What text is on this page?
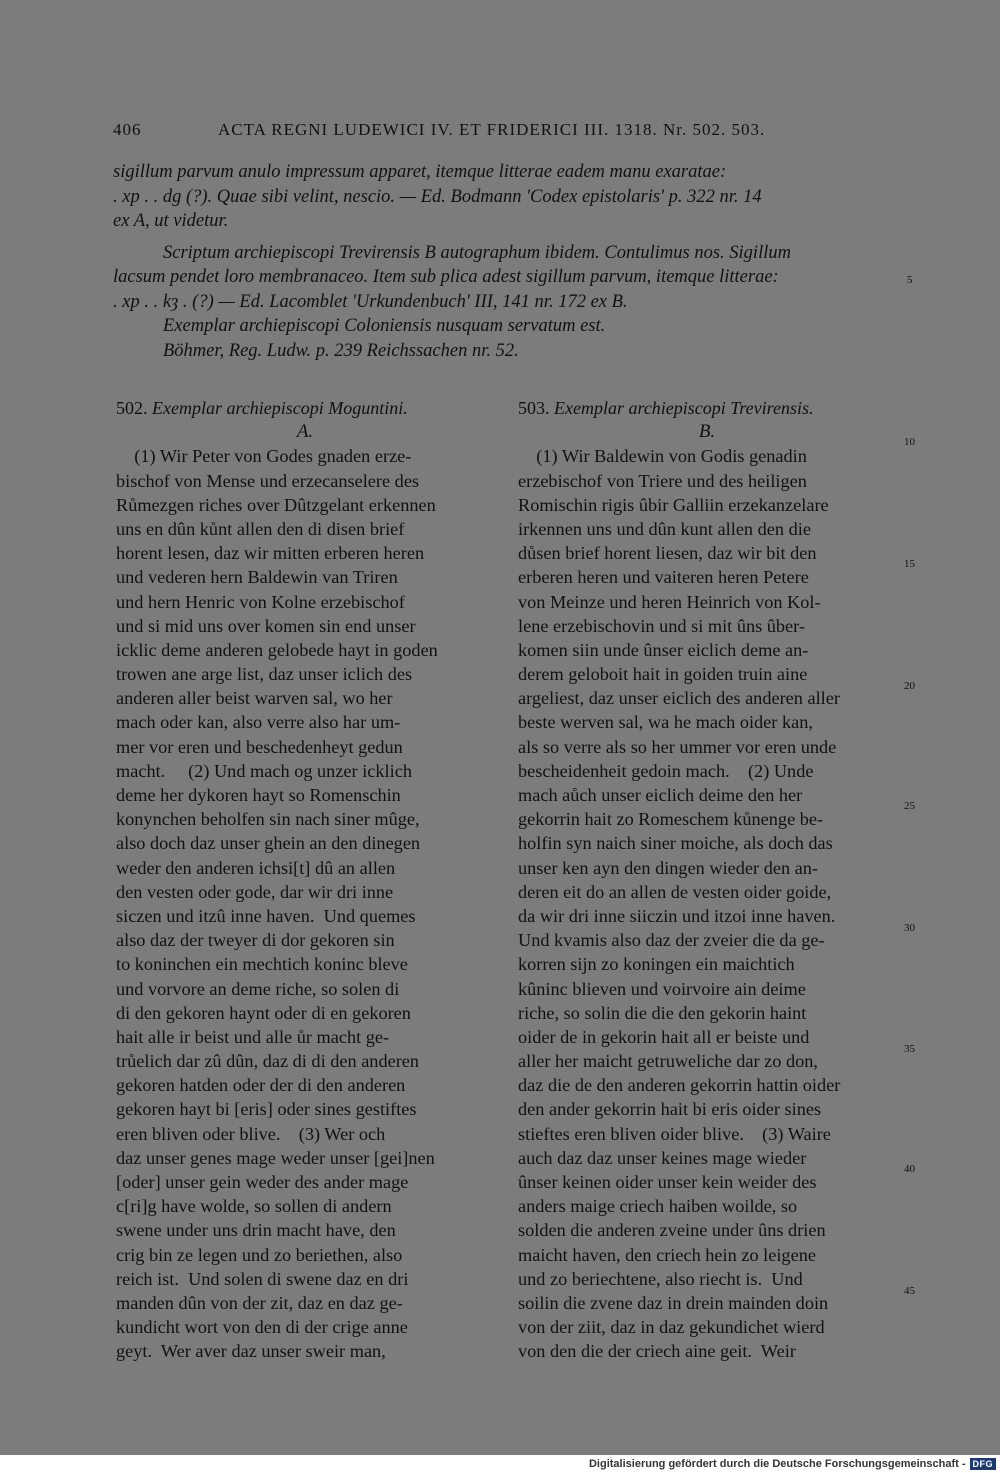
406	ACTA REGNI LUDEWICI IV. ET FRIDERICI III. 1318. Nr. 502. 503.

sigillum parvum anulo impressum apparet, itemque litterae eadem manu exaratae:

. xp . . dg (?). Quae sibi velint, nescio. — Ed. Bodmann 'Codex epistolaris' p. 322 nr. 14

ex A, ut videtur.

Scriptum archiepiscopi Trevirensis B autographum ibidem. Contulimus nos. Sigillum

lacsum pendet loro membranaceo. Item sub plica adest sigillum parvum, itemque litterae:

. xp . . kȝ . (?) — Ed. Lacomblet 'Urkundenbuch' III, 141 nr. 172 ex B.

Exemplar archiepiscopi Coloniensis nusquam servatum est.

Böhmer, Reg. Ludw. p. 239 Reichssachen nr. 52.

502. Exemplar archiepiscopi Moguntini.
A.
(1) Wir Peter von Godes gnaden erze-
bischof von Mense und erzecanselere des
Růmezgen riches over Dûtzgelant erkennen
uns en dûn kůnt allen den di disen brief
horent lesen, daz wir mitten erberen heren
und vederen hern Baldewin van Triren
und hern Henric von Kolne erzebischof
und si mid uns over komen sin end unser
icklic deme anderen gelobede hayt in goden
trowen ane arge list, daz unser iclich des
anderen aller beist warven sal, wo her
mach oder kan, also verre also har um-
mer vor eren und beschedenheyt gedun
macht.     (2) Und mach og unzer icklich
deme her dykoren hayt so Romenschin
konynchen beholfen sin nach siner mûge,
also doch daz unser ghein an den dinegen
weder den anderen ichsi[t] dû an allen
den vesten oder gode, dar wir dri inne
siczen und itzû inne haven.  Und quemes
also daz der tweyer di dor gekoren sin
to koninchen ein mechtich koninc bleve
und vorvore an deme riche, so solen di
di den gekoren haynt oder di en gekoren
hait alle ir beist und alle ůr macht ge-
trůelich dar zû dûn, daz di di den anderen
gekoren hatden oder der di den anderen
gekoren hayt bi [eris] oder sines gestiftes
eren bliven oder blive.    (3) Wer och
daz unser genes mage weder unser [gei]nen
[oder] unser gein weder des ander mage
c[ri]g have wolde, so sollen di andern
swene under uns drin macht have, den
crig bin ze legen und zo beriethen, also
reich ist.  Und solen di swene daz en dri
manden dûn von der zit, daz en daz ge-
kundicht wort von den di der crige anne
geyt.  Wer aver daz unser sweir man,
503. Exemplar archiepiscopi Trevirensis.
B.
(1) Wir Baldewin von Godis genadin
erzebischof von Triere und des heiligen
Romischin rigis ûbir Galliin erzekanzelare
irkennen uns und dûn kunt allen den die
důsen brief horent liesen, daz wir bit den
erberen heren und vaiteren heren Petere
von Meinze und heren Heinrich von Kol-
lene erzebischovin und si mit ûns ûber-
komen siin unde ûnser eiclich deme an-
derem geloboit hait in goiden truin aine
argeliest, daz unser eiclich des anderen aller
beste werven sal, wa he mach oider kan,
als so verre als so her ummer vor eren unde
bescheidenheit gedoin mach.    (2) Unde
mach aůch unser eiclich deime den her
gekorrin hait zo Romeschem kůnenge be-
holfin syn naich siner moiche, als doch das
unser ken ayn den dingen wieder den an-
deren eit do an allen de vesten oider goide,
da wir dri inne siiczin und itzoi inne haven.
Und kvamis also daz der zveier die da ge-
korren sijn zo koningen ein maichtich
kûninc blieven und voirvoire ain deime
riche, so solin die die den gekorin haint
oider de in gekorin hait all er beiste und
aller her maicht getruweliche dar zo don,
daz die de den anderen gekorrin hattin oider
den ander gekorrin hait bi eris oider sines
stieftes eren bliven oider blive.    (3) Waire
auch daz daz unser keines mage wieder
ûnser keinen oider unser kein weider des
anders maige criech haiben woilde, so
solden die anderen zveine under ûns drien
maicht haven, den criech hein zo leigene
und zo beriechtene, also riecht is.  Und
soilin die zvene daz in drein mainden doin
von der ziit, daz in daz gekundichet wierd
von den die der criech aine geit.  Weir
5
10
15
20
25
30
35
40
45
Digitalisierung gefördert durch die Deutsche Forschungsgemeinschaft - DFG
